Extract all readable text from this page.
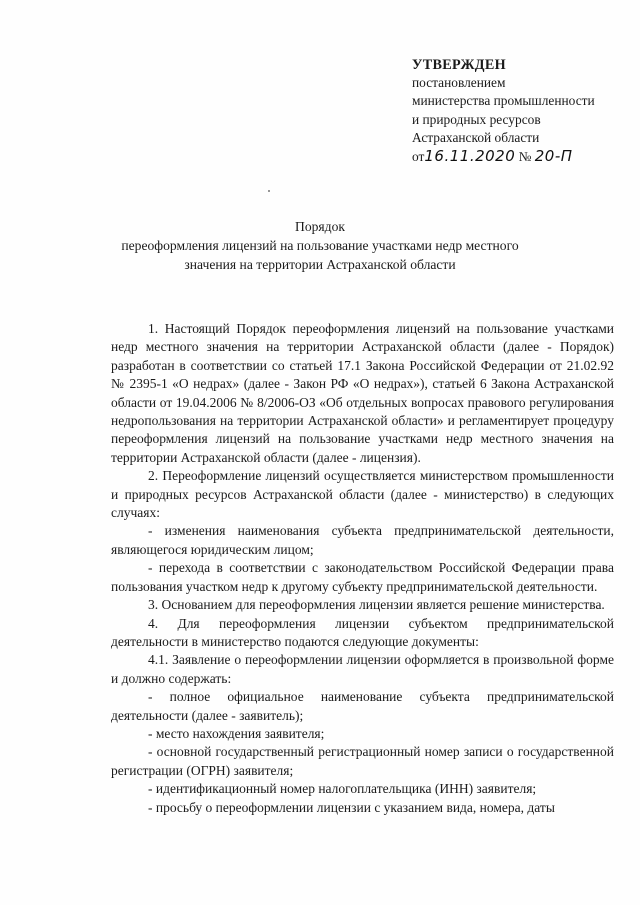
УТВЕРЖДЕН
постановлением
министерства промышленности
и природных ресурсов
Астраханской области
от16.11.2020 № 20-П
Порядок
переоформления лицензий на пользование участками недр местного
значения на территории Астраханской области

1. Настоящий Порядок переоформления лицензий на пользование участками недр местного значения на территории Астраханской области (далее - Порядок) разработан в соответствии со статьей 17.1 Закона Российской Федерации от 21.02.92 № 2395-1 «О недрах» (далее - Закон РФ «О недрах»), статьей 6 Закона Астраханской области от 19.04.2006 № 8/2006-ОЗ «Об отдельных вопросах правового регулирования недропользования на территории Астраханской области» и регламентирует процедуру переоформления лицензий на пользование участками недр местного значения на территории Астраханской области (далее - лицензия).

2. Переоформление лицензий осуществляется министерством промышленности и природных ресурсов Астраханской области (далее - министерство) в следующих случаях:

- изменения наименования субъекта предпринимательской деятельности, являющегося юридическим лицом;

- перехода в соответствии с законодательством Российской Федерации права пользования участком недр к другому субъекту предпринимательской деятельности.

3. Основанием для переоформления лицензии является решение министерства.

4. Для переоформления лицензии субъектом предпринимательской деятельности в министерство подаются следующие документы:

4.1. Заявление о переоформлении лицензии оформляется в произвольной форме и должно содержать:

- полное официальное наименование субъекта предпринимательской деятельности (далее - заявитель);

- место нахождения заявителя;

- основной государственный регистрационный номер записи о государственной регистрации (ОГРН) заявителя;

- идентификационный номер налогоплательщика (ИНН) заявителя;

- просьбу о переоформлении лицензии с указанием вида, номера, даты
